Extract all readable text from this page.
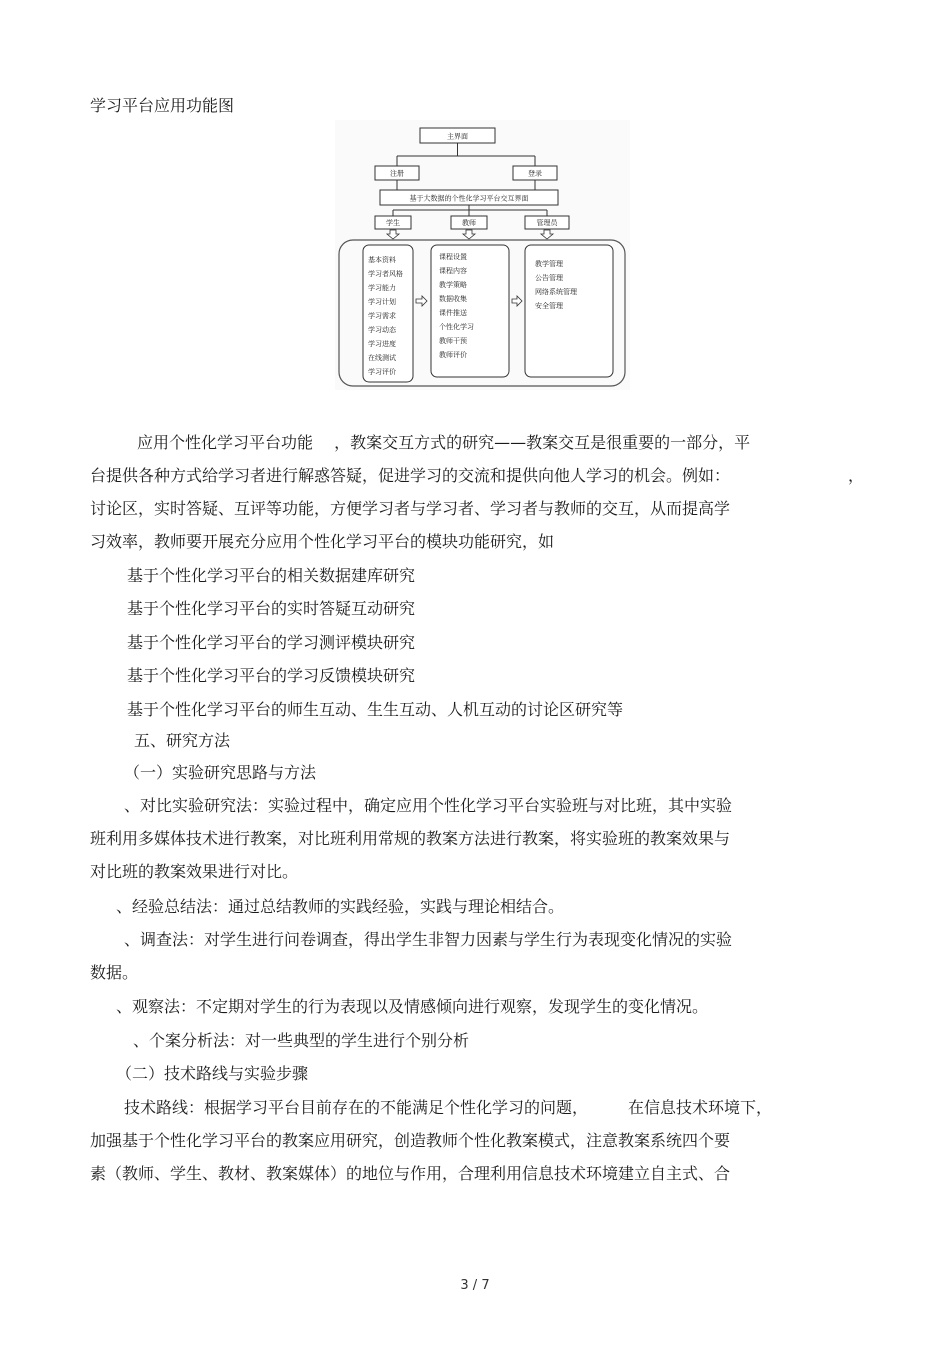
学习平台应用功能图
主界面
注册	登录
基于大数据的个性化学习平台交互界面
学生	教师	管理员
基本资料
学习者风格
学习能力
学习计划
学习需求
学习动态
学习进度
在线测试
学习评价
课程设置
课程内容
教学策略
数据收集
课件推送
个性化学习
教师干预
教师评价
教学管理
公告管理
网络系统管理
安全管理
应用个性化学习平台功能　 ，教案交互方式的研究——教案交互是很重要的一部分，平
台提供各种方式给学习者进行解惑答疑，促进学习的交流和提供向他人学习的机会。例如：	，
讨论区，实时答疑、互评等功能，方便学习者与学习者、学习者与教师的交互，从而提高学
习效率，教师要开展充分应用个性化学习平台的模块功能研究，如
基于个性化学习平台的相关数据建库研究
基于个性化学习平台的实时答疑互动研究
基于个性化学习平台的学习测评模块研究
基于个性化学习平台的学习反馈模块研究
基于个性化学习平台的师生互动、生生互动、人机互动的讨论区研究等
五、研究方法
（一）实验研究思路与方法
、对比实验研究法：实验过程中，确定应用个性化学习平台实验班与对比班，其中实验
班利用多媒体技术进行教案，对比班利用常规的教案方法进行教案，将实验班的教案效果与
对比班的教案效果进行对比。
、经验总结法：通过总结教师的实践经验，实践与理论相结合。
、调查法：对学生进行问卷调查，得出学生非智力因素与学生行为表现变化情况的实验
数据。
、观察法：不定期对学生的行为表现以及情感倾向进行观察，发现学生的变化情况。
、个案分析法：对一些典型的学生进行个别分析
（二）技术路线与实验步骤
技术路线：根据学习平台目前存在的不能满足个性化学习的问题，　　　在信息技术环境下，
加强基于个性化学习平台的教案应用研究，创造教师个性化教案模式，注意教案系统四个要
素（教师、学生、教材、教案媒体）的地位与作用，合理利用信息技术环境建立自主式、合
3 / 7
